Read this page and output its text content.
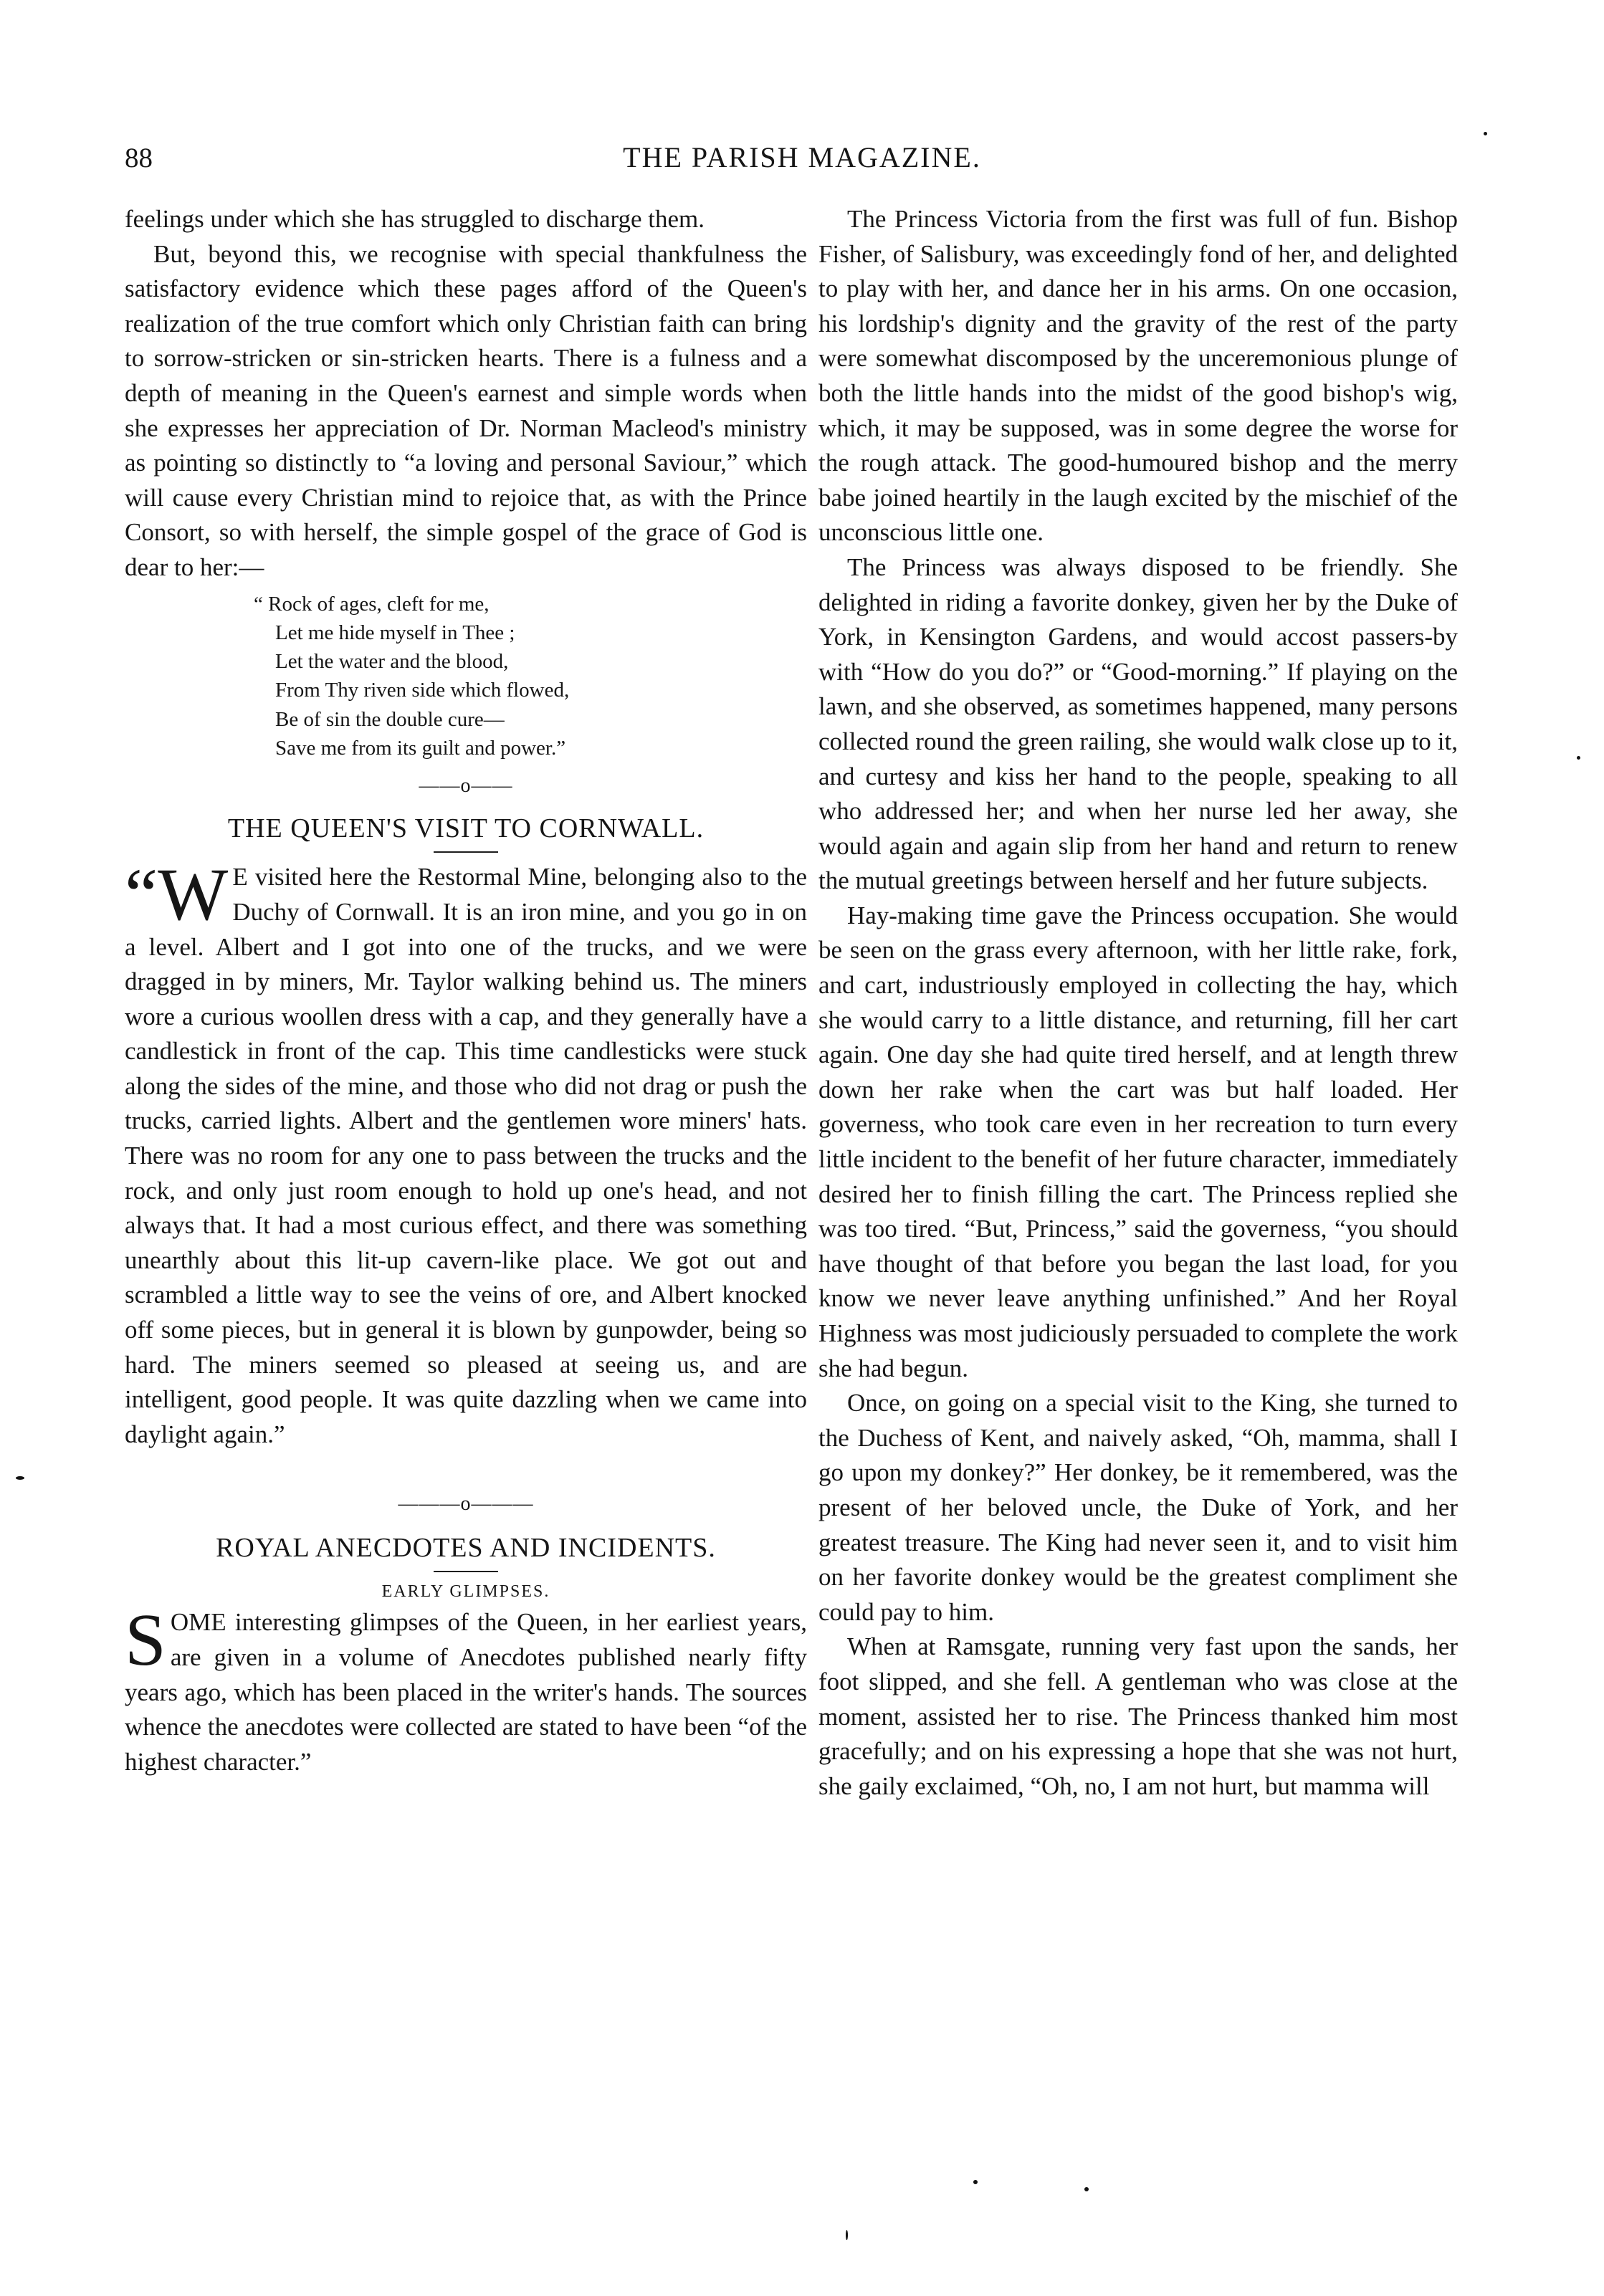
88	THE PARISH MAGAZINE.

feelings under which she has struggled to discharge them.

But, beyond this, we recognise with special thankfulness the satisfactory evidence which these pages afford of the Queen's realization of the true comfort which only Christian faith can bring to sorrow-stricken or sin-stricken hearts. There is a fulness and a depth of meaning in the Queen's earnest and simple words when she expresses her appreciation of Dr. Norman Macleod's ministry as pointing so distinctly to “a loving and personal Saviour,” which will cause every Christian mind to rejoice that, as with the Prince Consort, so with herself, the simple gospel of the grace of God is dear to her:—

“ Rock of ages, cleft for me,

Let me hide myself in Thee ;

Let the water and the blood,

From Thy riven side which flowed,

Be of sin the double cure—

Save me from its guilt and power.”

——o——
THE QUEEN'S VISIT TO CORNWALL.

“W E visited here the Restormal Mine, belonging also to the Duchy of Cornwall. It is an iron mine, and you go in on a level. Albert and I got into one of the trucks, and we were dragged in by miners, Mr. Taylor walking behind us. The miners wore a curious woollen dress with a cap, and they generally have a candlestick in front of the cap. This time candlesticks were stuck along the sides of the mine, and those who did not drag or push the trucks, carried lights. Albert and the gentlemen wore miners' hats. There was no room for any one to pass between the trucks and the rock, and only just room enough to hold up one's head, and not always that. It had a most curious effect, and there was something unearthly about this lit-up cavern-like place. We got out and scrambled a little way to see the veins of ore, and Albert knocked off some pieces, but in general it is blown by gunpowder, being so hard. The miners seemed so pleased at seeing us, and are intelligent, good people. It was quite dazzling when we came into daylight again.”

———o———
ROYAL ANECDOTES AND INCIDENTS.
EARLY GLIMPSES.

SOME interesting glimpses of the Queen, in her earliest years, are given in a volume of Anecdotes published nearly fifty years ago, which has been placed in the writer's hands. The sources whence the anecdotes were collected are stated to have been “of the highest character.”

The Princess Victoria from the first was full of fun. Bishop Fisher, of Salisbury, was exceedingly fond of her, and delighted to play with her, and dance her in his arms. On one occasion, his lordship's dignity and the gravity of the rest of the party were somewhat discomposed by the unceremonious plunge of both the little hands into the midst of the good bishop's wig, which, it may be supposed, was in some degree the worse for the rough attack. The good-humoured bishop and the merry babe joined heartily in the laugh excited by the mischief of the unconscious little one.

The Princess was always disposed to be friendly. She delighted in riding a favorite donkey, given her by the Duke of York, in Kensington Gardens, and would accost passers-by with “How do you do?” or “Good-morning.” If playing on the lawn, and she observed, as sometimes happened, many persons collected round the green railing, she would walk close up to it, and curtesy and kiss her hand to the people, speaking to all who addressed her; and when her nurse led her away, she would again and again slip from her hand and return to renew the mutual greetings between herself and her future subjects.

Hay-making time gave the Princess occupation. She would be seen on the grass every afternoon, with her little rake, fork, and cart, industriously employed in collecting the hay, which she would carry to a little distance, and returning, fill her cart again. One day she had quite tired herself, and at length threw down her rake when the cart was but half loaded. Her governess, who took care even in her recreation to turn every little incident to the benefit of her future character, immediately desired her to finish filling the cart. The Princess replied she was too tired. “But, Princess,” said the governess, “you should have thought of that before you began the last load, for you know we never leave anything unfinished.” And her Royal Highness was most judiciously persuaded to complete the work she had begun.

Once, on going on a special visit to the King, she turned to the Duchess of Kent, and naively asked, “Oh, mamma, shall I go upon my donkey?” Her donkey, be it remembered, was the present of her beloved uncle, the Duke of York, and her greatest treasure. The King had never seen it, and to visit him on her favorite donkey would be the greatest compliment she could pay to him.

When at Ramsgate, running very fast upon the sands, her foot slipped, and she fell. A gentleman who was close at the moment, assisted her to rise. The Princess thanked him most gracefully; and on his expressing a hope that she was not hurt, she gaily exclaimed, “Oh, no, I am not hurt, but mamma will
